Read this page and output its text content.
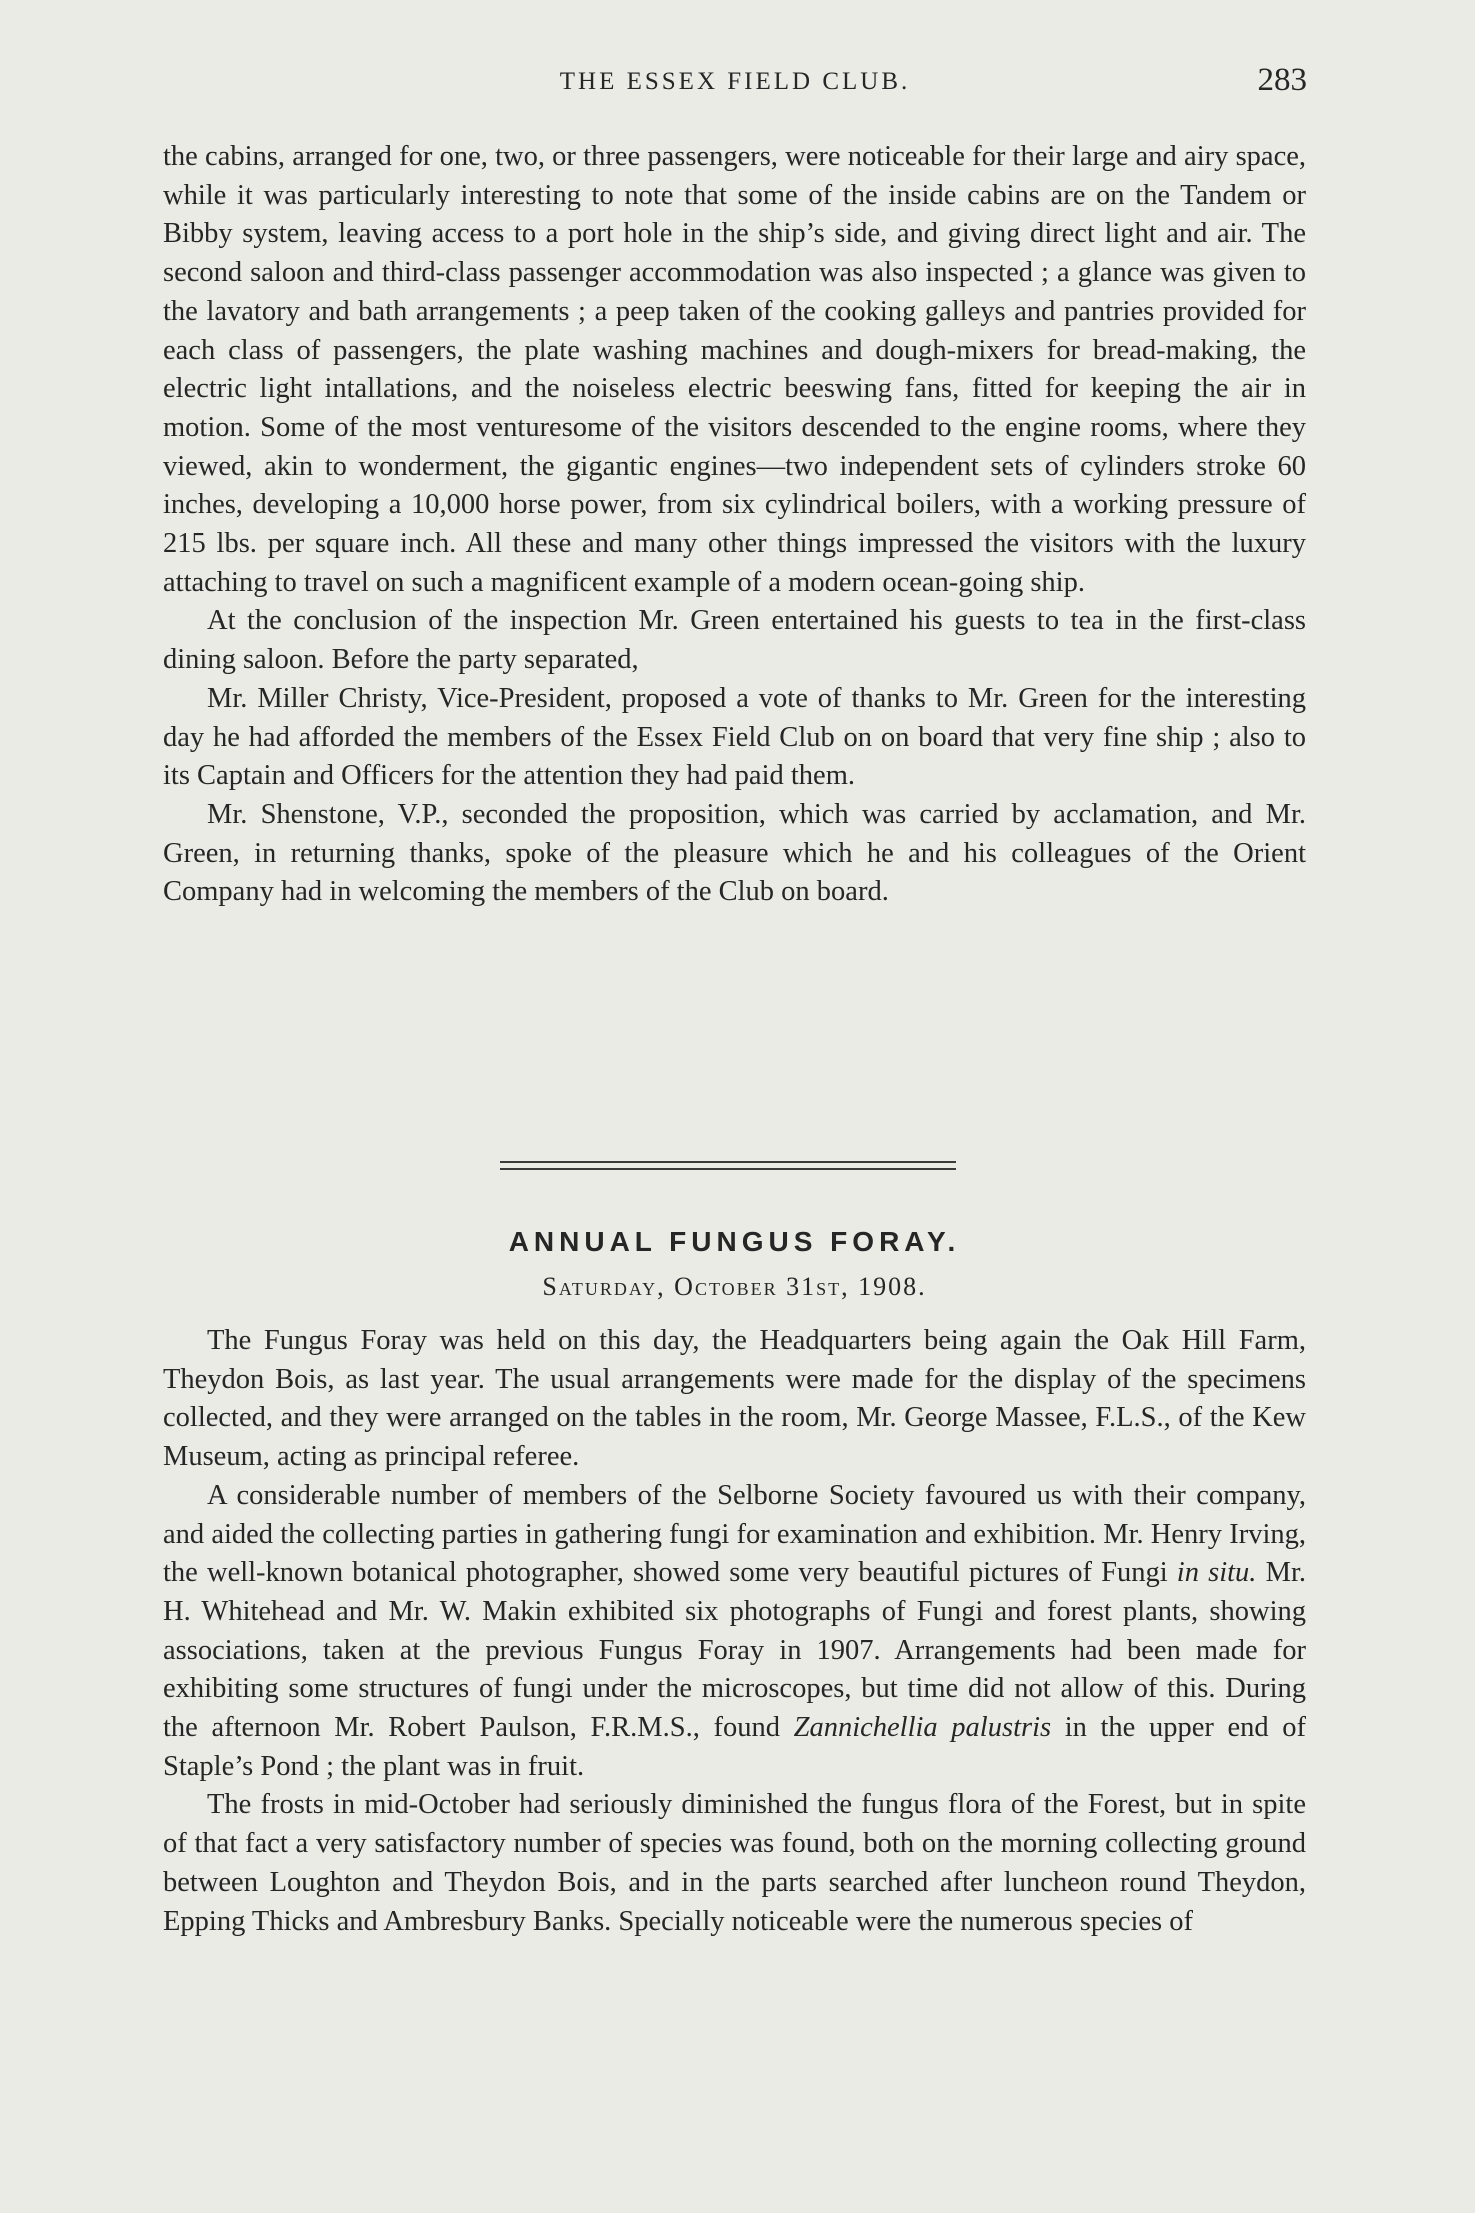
THE ESSEX FIELD CLUB.	283

the cabins, arranged for one, two, or three passengers, were noticeable for their large and airy space, while it was particularly interesting to note that some of the inside cabins are on the Tandem or Bibby system, leaving access to a port hole in the ship’s side, and giving direct light and air. The second saloon and third-class passenger accommodation was also inspected ; a glance was given to the lavatory and bath arrangements ; a peep taken of the cooking galleys and pantries provided for each class of passengers, the plate washing machines and dough-mixers for bread-making, the electric light intallations, and the noiseless electric beeswing fans, fitted for keeping the air in motion. Some of the most venturesome of the visitors descended to the engine rooms, where they viewed, akin to wonderment, the gigantic engines—two independent sets of cylinders stroke 60 inches, developing a 10,000 horse power, from six cylindrical boilers, with a working pressure of 215 lbs. per square inch. All these and many other things impressed the visitors with the luxury attaching to travel on such a magnificent example of a modern ocean-going ship.

At the conclusion of the inspection Mr. Green entertained his guests to tea in the first-class dining saloon. Before the party separated,

Mr. Miller Christy, Vice-President, proposed a vote of thanks to Mr. Green for the interesting day he had afforded the members of the Essex Field Club on on board that very fine ship ; also to its Captain and Officers for the attention they had paid them.

Mr. Shenstone, V.P., seconded the proposition, which was carried by acclamation, and Mr. Green, in returning thanks, spoke of the pleasure which he and his colleagues of the Orient Company had in welcoming the members of the Club on board.

ANNUAL FUNGUS FORAY.
Saturday, October 31st, 1908.

The Fungus Foray was held on this day, the Headquarters being again the Oak Hill Farm, Theydon Bois, as last year. The usual arrangements were made for the display of the specimens collected, and they were arranged on the tables in the room, Mr. George Massee, F.L.S., of the Kew Museum, acting as principal referee.

A considerable number of members of the Selborne Society favoured us with their company, and aided the collecting parties in gathering fungi for examination and exhibition. Mr. Henry Irving, the well-known botanical photographer, showed some very beautiful pictures of Fungi in situ. Mr. H. Whitehead and Mr. W. Makin exhibited six photographs of Fungi and forest plants, showing associations, taken at the previous Fungus Foray in 1907. Arrangements had been made for exhibiting some structures of fungi under the microscopes, but time did not allow of this. During the afternoon Mr. Robert Paulson, F.R.M.S., found Zannichellia palustris in the upper end of Staple’s Pond ; the plant was in fruit.

The frosts in mid-October had seriously diminished the fungus flora of the Forest, but in spite of that fact a very satisfactory number of species was found, both on the morning collecting ground between Loughton and Theydon Bois, and in the parts searched after luncheon round Theydon, Epping Thicks and Ambresbury Banks. Specially noticeable were the numerous species of
